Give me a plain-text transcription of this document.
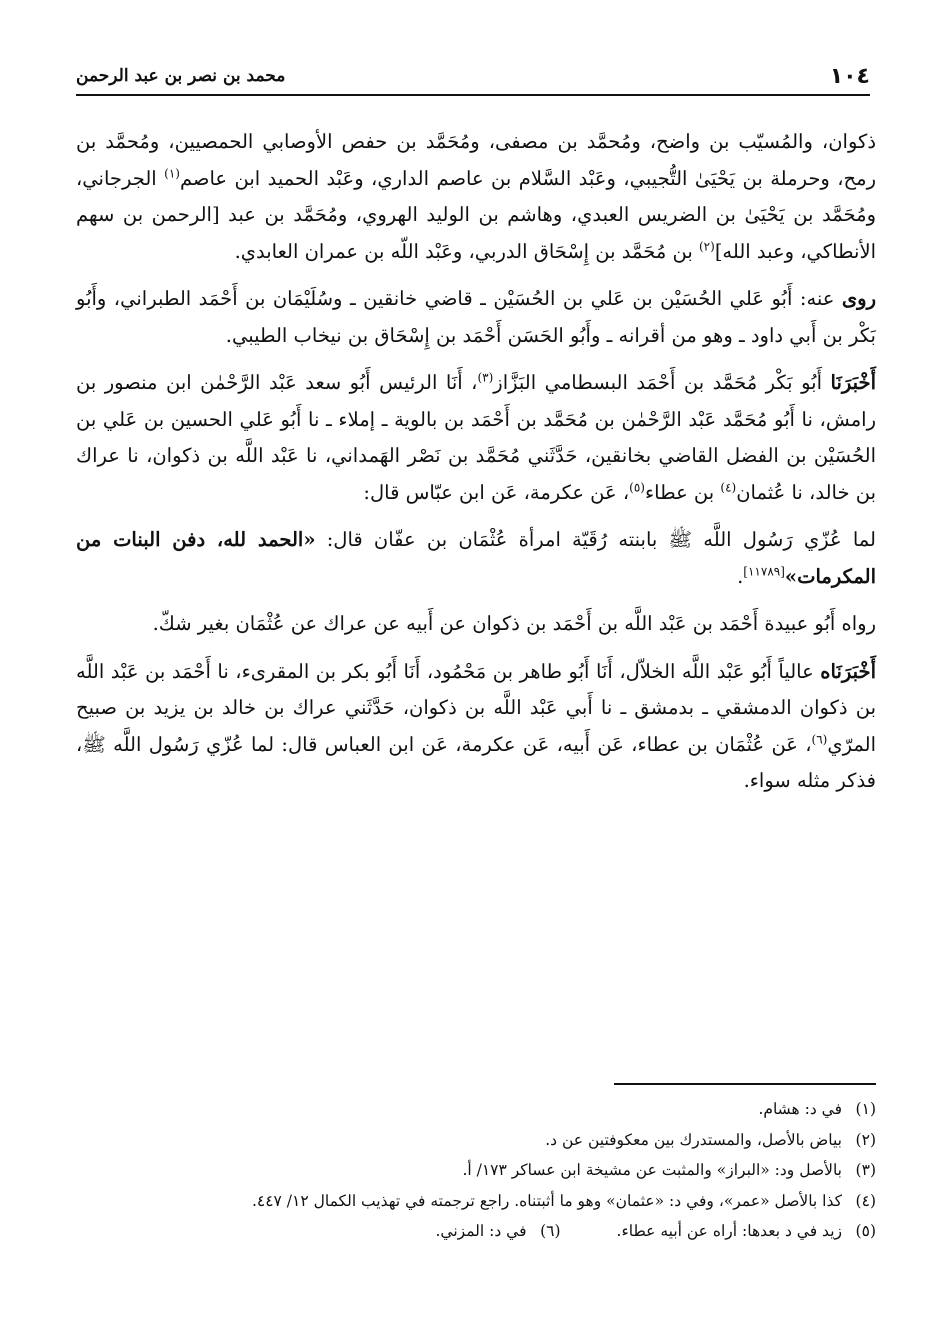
١٠٤
محمد بن نصر بن عبد الرحمن

ذكوان، والمُسيّب بن واضح، ومُحمَّد بن مصفى، ومُحَمَّد بن حفص الأوصابي الحمصيين، ومُحمَّد بن رمح، وحرملة بن يَحْيَىٰ التُّجيبي، وعَبْد السَّلام بن عاصم الداري، وعَبْد الحميد ابن عاصم$^{(١)}$ الجرجاني، ومُحَمَّد بن يَحْيَىٰ بن الضريس العبدي، وهاشم بن الوليد الهروي، ومُحَمَّد بن عبد [الرحمن بن سهم الأنطاكي، وعبد الله]$^{(٢)}$ بن مُحَمَّد بن إِسْحَاق الدربي، وعَبْد اللّه بن عمران العابدي.

روى عنه: أَبُو عَلي الحُسَيْن بن عَلي بن الحُسَيْن ـ قاضي خانقين ـ وسُلَيْمَان بن أَحْمَد الطبراني، وأَبُو بَكْر بن أَبي داود ـ وهو من أقرانه ـ وأَبُو الحَسَن أَحْمَد بن إِسْحَاق بن نيخاب الطيبي.

أَخْبَرَنَا أَبُو بَكْر مُحَمَّد بن أَحْمَد البسطامي البَزَّاز$^{(٣)}$، أَنَا الرئيس أَبُو سعد عَبْد الرَّحْمٰن ابن منصور بن رامش، نا أَبُو مُحَمَّد عَبْد الرَّحْمٰن بن مُحَمَّد بن أَحْمَد بن بالوية ـ إملاء ـ نا أَبُو عَلي الحسين بن عَلي بن الحُسَيْن بن الفضل القاضي بخانقين، حَدَّثَني مُحَمَّد بن نَصْر الهَمداني، نا عَبْد اللَّه بن ذكوان، نا عراك بن خالد، نا عُثمان$^{(٤)}$ بن عطاء$^{(٥)}$، عَن عكرمة، عَن ابن عبّاس قال:

لما عُزّي رَسُول اللَّه ﷺ بابنته رُقَيّة امرأة عُثْمَان بن عفّان قال: «الحمد لله، دفن البنات من المكرمات»[١١٧٨٩].

رواه أَبُو عبيدة أَحْمَد بن عَبْد اللَّه بن أَحْمَد بن ذكوان عن أَبيه عن عراك عن عُثْمَان بغير شكّ.

أَخْبَرَنَاه عالياً أَبُو عَبْد اللَّه الخلاّل، أَنَا أَبُو طاهر بن مَحْمُود، أَنَا أَبُو بكر بن المقرىء، نا أَحْمَد بن عَبْد اللَّه بن ذكوان الدمشقي ـ بدمشق ـ نا أَبي عَبْد اللَّه بن ذكوان، حَدَّثَني عراك بن خالد بن يزيد بن صبيح المرّي$^{(٦)}$، عَن عُثْمَان بن عطاء، عَن أَبيه، عَن عكرمة، عَن ابن العباس قال: لما عُزّي رَسُول اللَّه ﷺ، فذكر مثله سواء.

(١)
في د: هشام.
(٢)
بياض بالأصل، والمستدرك بين معكوفتين عن د.
(٣)
بالأصل ود: «البراز» والمثبت عن مشيخة ابن عساكر ١٧٣/ أ.
(٤)
كذا بالأصل «عمر»، وفي د: «عثمان» وهو ما أثبتناه. راجع ترجمته في تهذيب الكمال ١٢/ ٤٤٧.
(٥)
زيد في د بعدها: أراه عن أبيه عطاء.
(٦)
في د: المزني.
